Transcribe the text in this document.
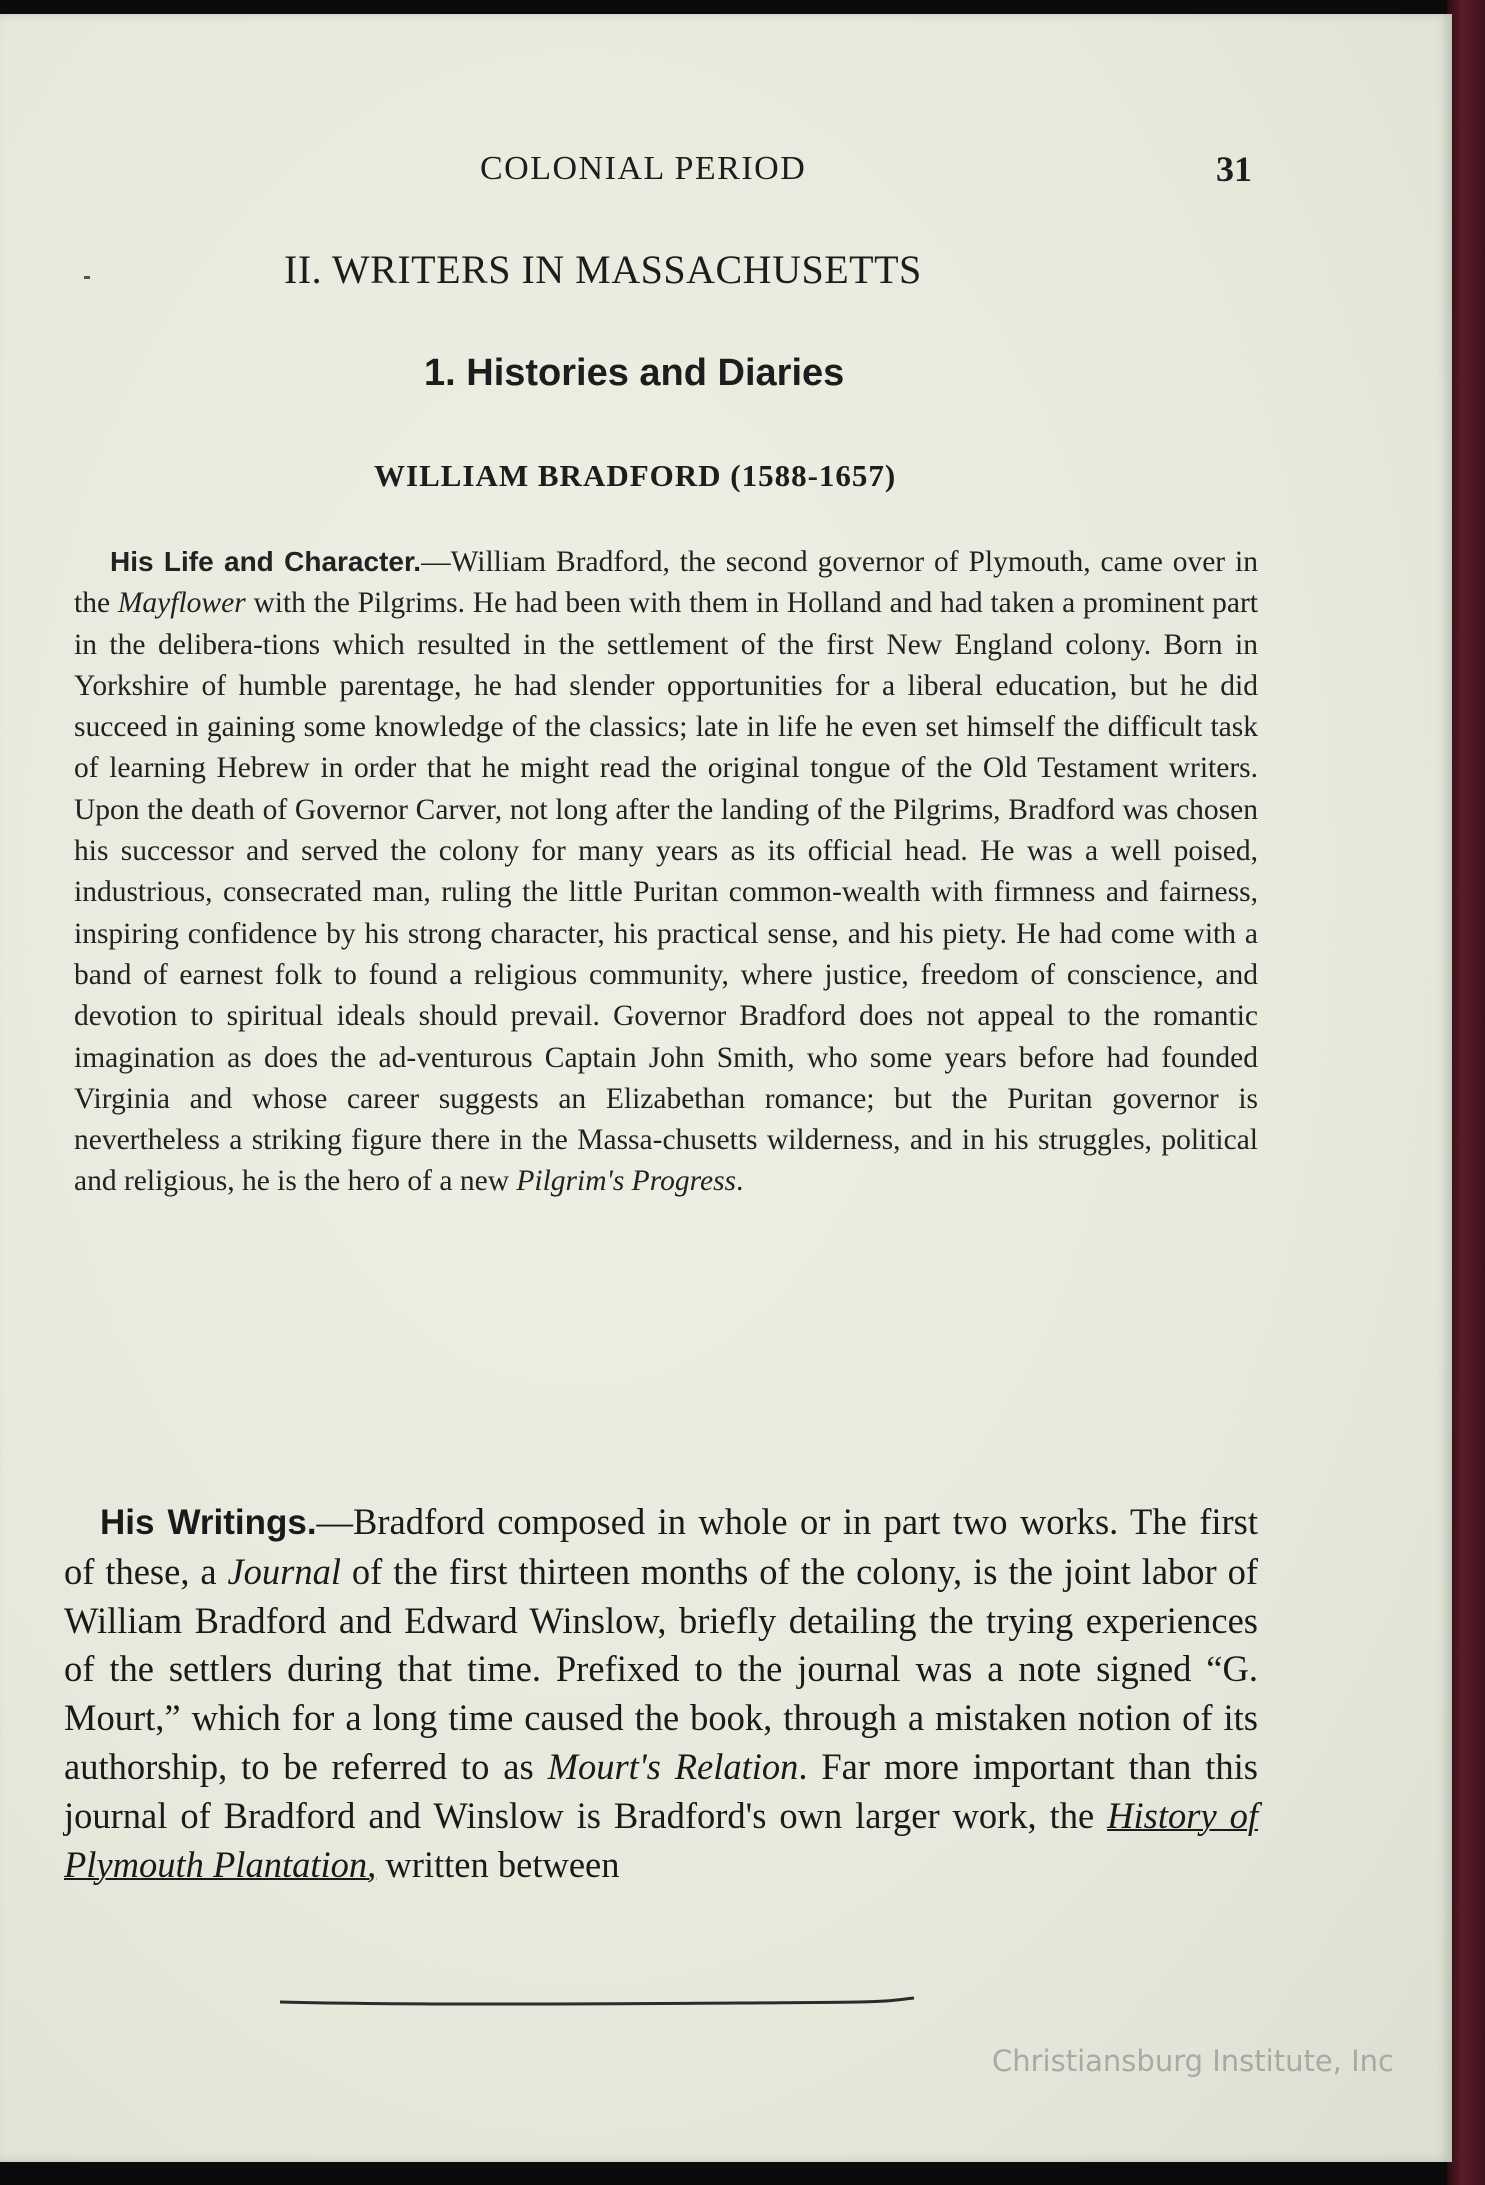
COLONIAL PERIOD	31
II. WRITERS IN MASSACHUSETTS
1. Histories and Diaries
WILLIAM BRADFORD (1588-1657)
His Life and Character.—William Bradford, the second governor of Plymouth, came over in the Mayflower with the Pilgrims. He had been with them in Holland and had taken a prominent part in the delibera-tions which resulted in the settlement of the first New England colony. Born in Yorkshire of humble parentage, he had slender opportunities for a liberal education, but he did succeed in gaining some knowledge of the classics; late in life he even set himself the difficult task of learning Hebrew in order that he might read the original tongue of the Old Testament writers. Upon the death of Governor Carver, not long after the landing of the Pilgrims, Bradford was chosen his successor and served the colony for many years as its official head. He was a well poised, industrious, consecrated man, ruling the little Puritan common-wealth with firmness and fairness, inspiring confidence by his strong character, his practical sense, and his piety. He had come with a band of earnest folk to found a religious community, where justice, freedom of conscience, and devotion to spiritual ideals should prevail. Governor Bradford does not appeal to the romantic imagination as does the ad-venturous Captain John Smith, who some years before had founded Virginia and whose career suggests an Elizabethan romance; but the Puritan governor is nevertheless a striking figure there in the Massa-chusetts wilderness, and in his struggles, political and religious, he is the hero of a new Pilgrim's Progress.
His Writings.—Bradford composed in whole or in part two works. The first of these, a Journal of the first thirteen months of the colony, is the joint labor of William Bradford and Edward Winslow, briefly detailing the trying experiences of the settlers during that time. Prefixed to the journal was a note signed “G. Mourt,” which for a long time caused the book, through a mistaken notion of its authorship, to be referred to as Mourt's Relation. Far more important than this journal of Bradford and Winslow is Bradford's own larger work, the History of Plymouth Plantation, written between
Christiansburg Institute, Inc
